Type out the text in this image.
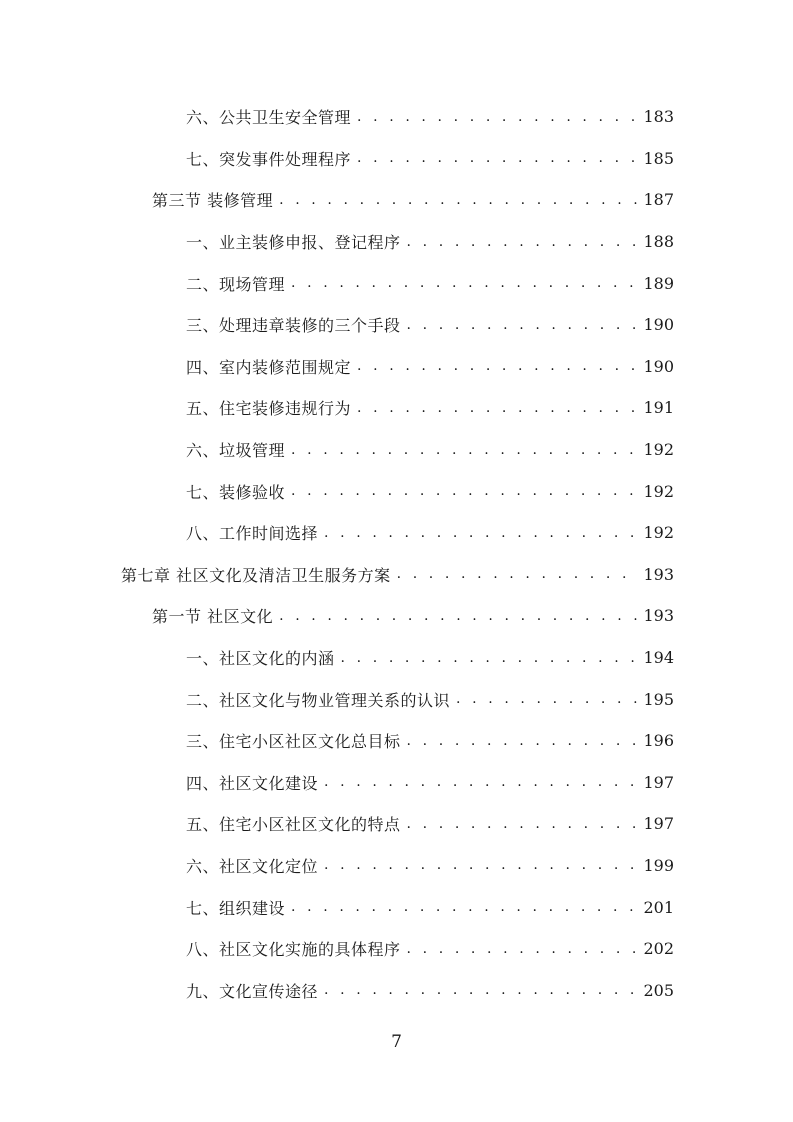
六、公共卫生安全管理 . . .	183
七、突发事件处理程序 . . .	185
第三节 装修管理 . . .	187
一、业主装修申报、登记程序 . . .	188
二、现场管理 . . .	189
三、处理违章装修的三个手段 . . .	190
四、室内装修范围规定 . . .	190
五、住宅装修违规行为 . . .	191
六、垃圾管理 . . .	192
七、装修验收 . . .	192
八、工作时间选择 . . .	192
第七章 社区文化及清洁卫生服务方案 . . .	193
第一节 社区文化 . . .	193
一、社区文化的内涵 . . .	194
二、社区文化与物业管理关系的认识 . . .	195
三、住宅小区社区文化总目标 . . .	196
四、社区文化建设 . . .	197
五、住宅小区社区文化的特点 . . .	197
六、社区文化定位 . . .	199
七、组织建设 . . .	201
八、社区文化实施的具体程序 . . .	202
九、文化宣传途径 . . .	205
7
